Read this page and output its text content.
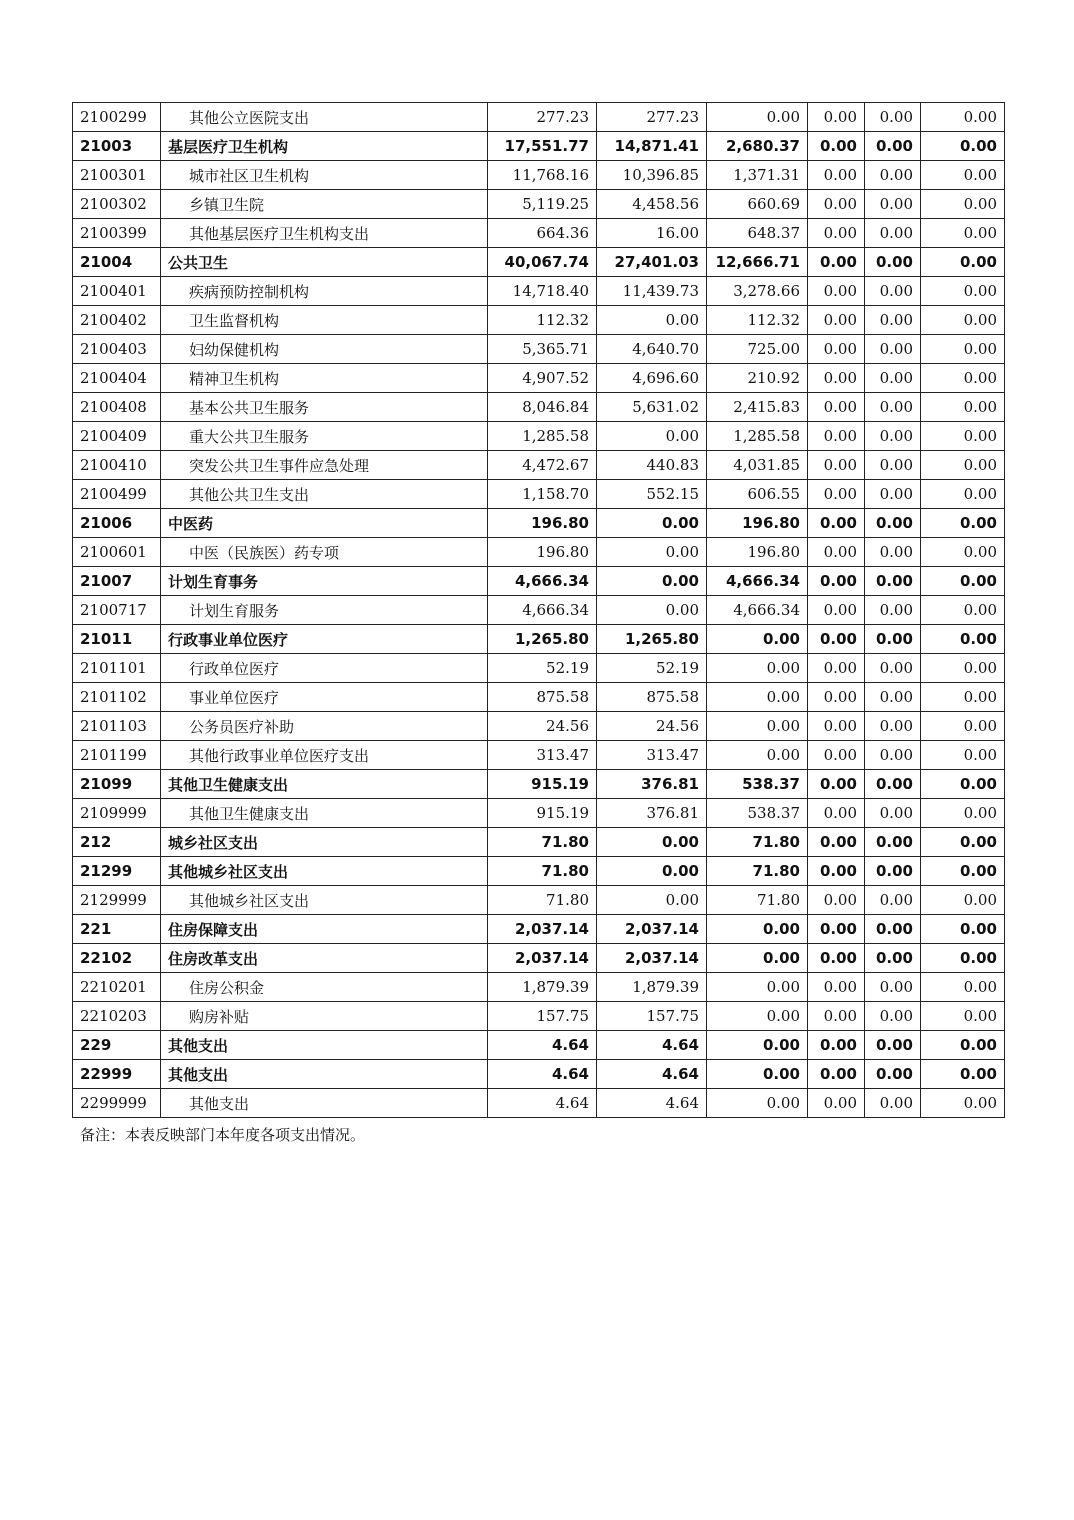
2100299	其他公立医院支出	277.23	277.23	0.00	0.00	0.00	0.00
21003	基层医疗卫生机构	17,551.77	14,871.41	2,680.37	0.00	0.00	0.00
2100301	城市社区卫生机构	11,768.16	10,396.85	1,371.31	0.00	0.00	0.00
2100302	乡镇卫生院	5,119.25	4,458.56	660.69	0.00	0.00	0.00
2100399	其他基层医疗卫生机构支出	664.36	16.00	648.37	0.00	0.00	0.00
21004	公共卫生	40,067.74	27,401.03	12,666.71	0.00	0.00	0.00
2100401	疾病预防控制机构	14,718.40	11,439.73	3,278.66	0.00	0.00	0.00
2100402	卫生监督机构	112.32	0.00	112.32	0.00	0.00	0.00
2100403	妇幼保健机构	5,365.71	4,640.70	725.00	0.00	0.00	0.00
2100404	精神卫生机构	4,907.52	4,696.60	210.92	0.00	0.00	0.00
2100408	基本公共卫生服务	8,046.84	5,631.02	2,415.83	0.00	0.00	0.00
2100409	重大公共卫生服务	1,285.58	0.00	1,285.58	0.00	0.00	0.00
2100410	突发公共卫生事件应急处理	4,472.67	440.83	4,031.85	0.00	0.00	0.00
2100499	其他公共卫生支出	1,158.70	552.15	606.55	0.00	0.00	0.00
21006	中医药	196.80	0.00	196.80	0.00	0.00	0.00
2100601	中医（民族医）药专项	196.80	0.00	196.80	0.00	0.00	0.00
21007	计划生育事务	4,666.34	0.00	4,666.34	0.00	0.00	0.00
2100717	计划生育服务	4,666.34	0.00	4,666.34	0.00	0.00	0.00
21011	行政事业单位医疗	1,265.80	1,265.80	0.00	0.00	0.00	0.00
2101101	行政单位医疗	52.19	52.19	0.00	0.00	0.00	0.00
2101102	事业单位医疗	875.58	875.58	0.00	0.00	0.00	0.00
2101103	公务员医疗补助	24.56	24.56	0.00	0.00	0.00	0.00
2101199	其他行政事业单位医疗支出	313.47	313.47	0.00	0.00	0.00	0.00
21099	其他卫生健康支出	915.19	376.81	538.37	0.00	0.00	0.00
2109999	其他卫生健康支出	915.19	376.81	538.37	0.00	0.00	0.00
212	城乡社区支出	71.80	0.00	71.80	0.00	0.00	0.00
21299	其他城乡社区支出	71.80	0.00	71.80	0.00	0.00	0.00
2129999	其他城乡社区支出	71.80	0.00	71.80	0.00	0.00	0.00
221	住房保障支出	2,037.14	2,037.14	0.00	0.00	0.00	0.00
22102	住房改革支出	2,037.14	2,037.14	0.00	0.00	0.00	0.00
2210201	住房公积金	1,879.39	1,879.39	0.00	0.00	0.00	0.00
2210203	购房补贴	157.75	157.75	0.00	0.00	0.00	0.00
229	其他支出	4.64	4.64	0.00	0.00	0.00	0.00
22999	其他支出	4.64	4.64	0.00	0.00	0.00	0.00
2299999	其他支出	4.64	4.64	0.00	0.00	0.00	0.00
备注：本表反映部门本年度各项支出情况。
